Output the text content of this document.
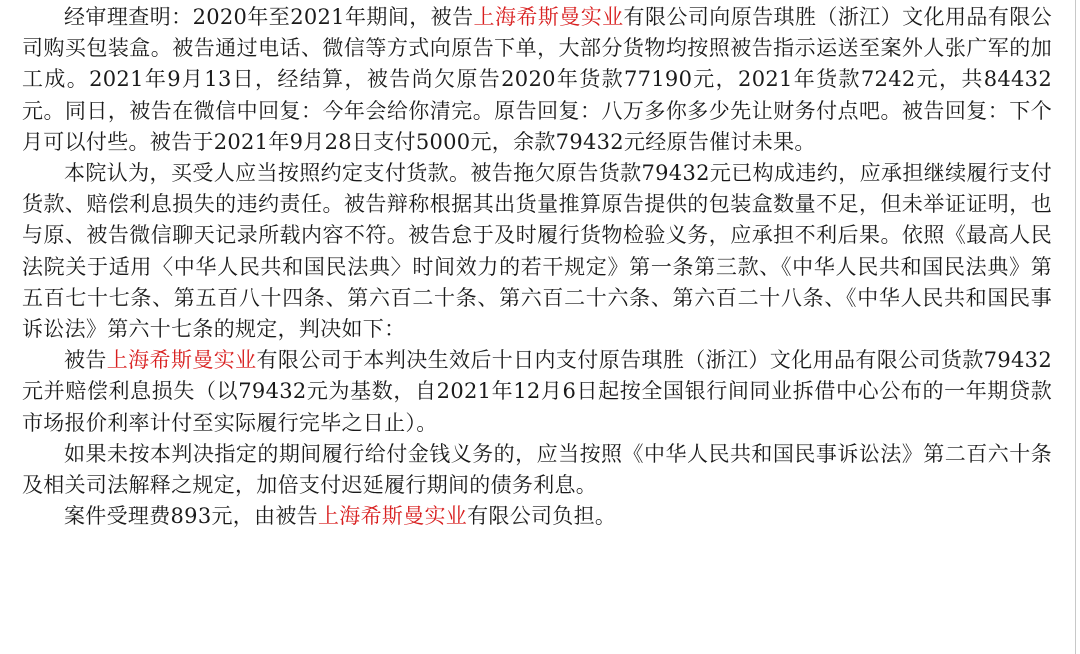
经审理查明：2020年至2021年期间，被告上海希斯曼实业有限公司向原告琪胜（浙江）文化用品有限公司购买包装盒。被告通过电话、微信等方式向原告下单，大部分货物均按照被告指示运送至案外人张广军的加工成。2021年9月13日，经结算，被告尚欠原告2020年货款77190元，2021年货款7242元，共84432元。同日，被告在微信中回复：今年会给你清完。原告回复：八万多你多少先让财务付点吧。被告回复：下个月可以付些。被告于2021年9月28日支付5000元，余款79432元经原告催讨未果。

本院认为，买受人应当按照约定支付货款。被告拖欠原告货款79432元已构成违约，应承担继续履行支付货款、赔偿利息损失的违约责任。被告辩称根据其出货量推算原告提供的包装盒数量不足，但未举证证明，也与原、被告微信聊天记录所载内容不符。被告怠于及时履行货物检验义务，应承担不利后果。依照《最高人民法院关于适用〈中华人民共和国民法典〉时间效力的若干规定》第一条第三款、《中华人民共和国民法典》第五百七十七条、第五百八十四条、第六百二十条、第六百二十六条、第六百二十八条、《中华人民共和国民事诉讼法》第六十七条的规定，判决如下：

被告上海希斯曼实业有限公司于本判决生效后十日内支付原告琪胜（浙江）文化用品有限公司货款79432元并赔偿利息损失（以79432元为基数，自2021年12月6日起按全国银行间同业拆借中心公布的一年期贷款市场报价利率计付至实际履行完毕之日止）。

如果未按本判决指定的期间履行给付金钱义务的，应当按照《中华人民共和国民事诉讼法》第二百六十条及相关司法解释之规定，加倍支付迟延履行期间的债务利息。

案件受理费893元，由被告上海希斯曼实业有限公司负担。
